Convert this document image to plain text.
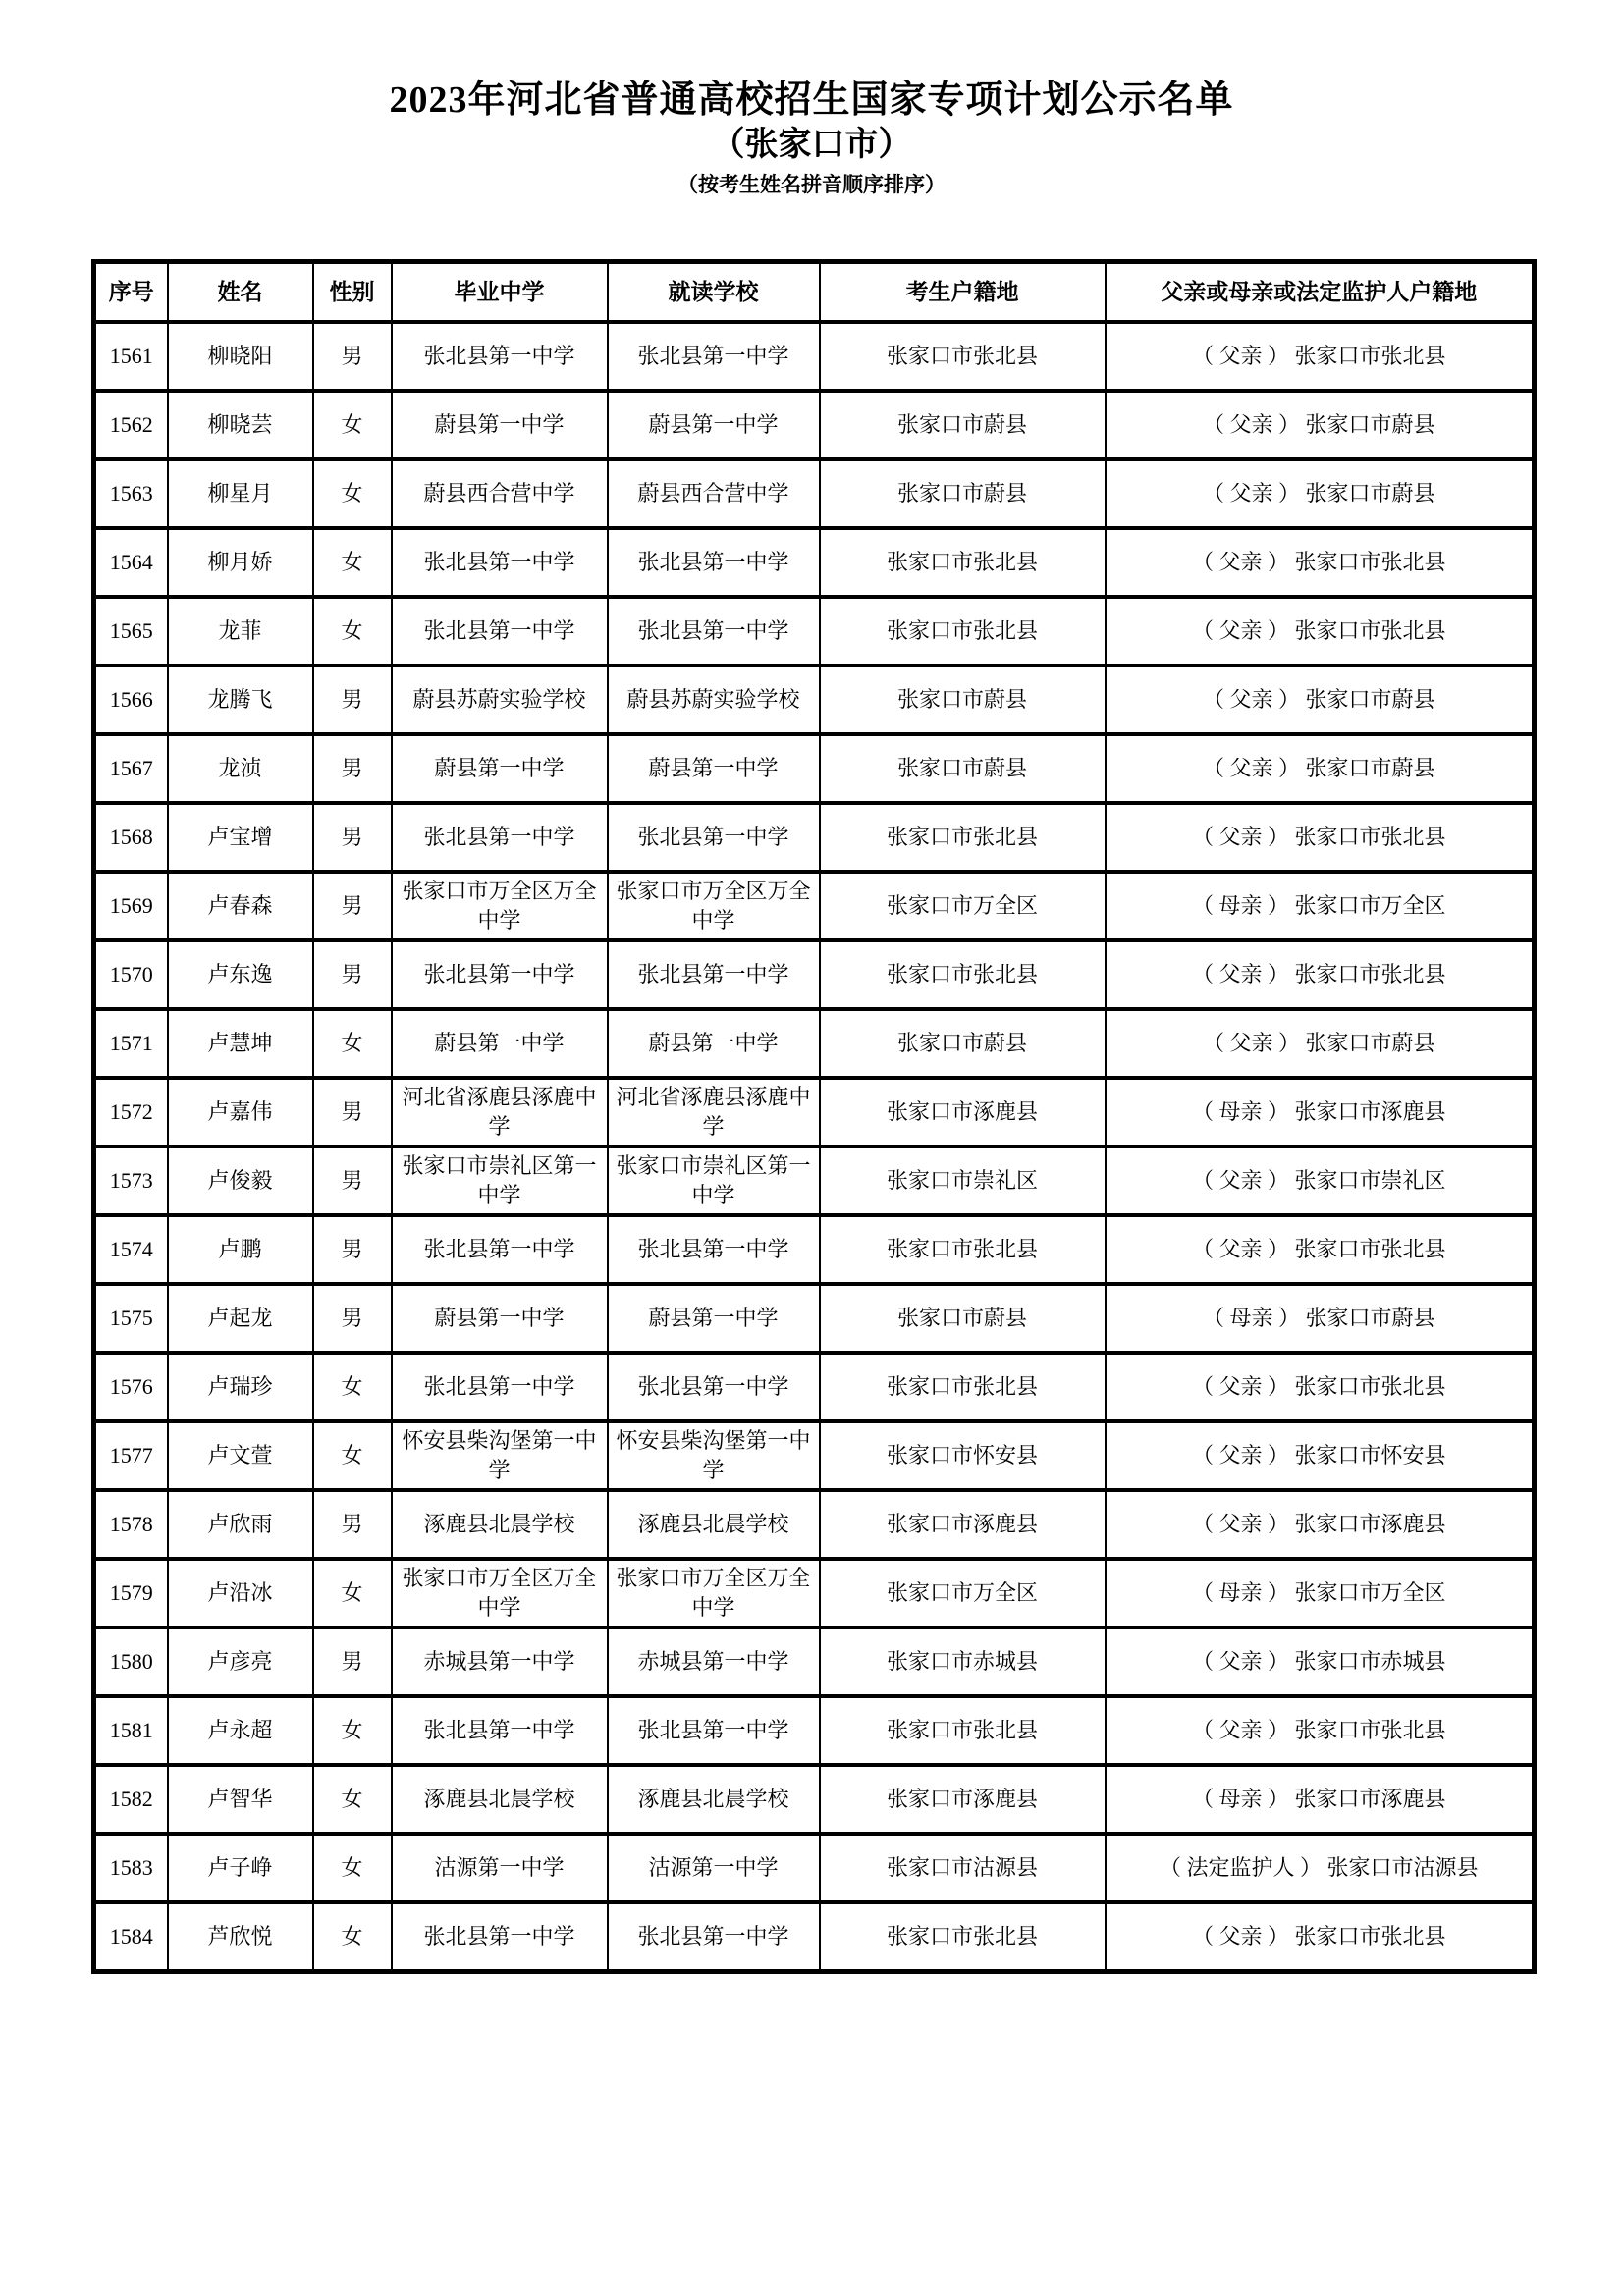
2023年河北省普通高校招生国家专项计划公示名单
（张家口市）
（按考生姓名拼音顺序排序）
序号	姓名	性别	毕业中学	就读学校	考生户籍地	父亲或母亲或法定监护人户籍地
1561	柳晓阳	男	张北县第一中学	张北县第一中学	张家口市张北县	（ 父亲 ） 张家口市张北县
1562	柳晓芸	女	蔚县第一中学	蔚县第一中学	张家口市蔚县	（ 父亲 ） 张家口市蔚县
1563	柳星月	女	蔚县西合营中学	蔚县西合营中学	张家口市蔚县	（ 父亲 ） 张家口市蔚县
1564	柳月娇	女	张北县第一中学	张北县第一中学	张家口市张北县	（ 父亲 ） 张家口市张北县
1565	龙菲	女	张北县第一中学	张北县第一中学	张家口市张北县	（ 父亲 ） 张家口市张北县
1566	龙腾飞	男	蔚县苏蔚实验学校	蔚县苏蔚实验学校	张家口市蔚县	（ 父亲 ） 张家口市蔚县
1567	龙浈	男	蔚县第一中学	蔚县第一中学	张家口市蔚县	（ 父亲 ） 张家口市蔚县
1568	卢宝增	男	张北县第一中学	张北县第一中学	张家口市张北县	（ 父亲 ） 张家口市张北县
1569	卢春森	男	张家口市万全区万全中学	张家口市万全区万全中学	张家口市万全区	（ 母亲 ） 张家口市万全区
1570	卢东逸	男	张北县第一中学	张北县第一中学	张家口市张北县	（ 父亲 ） 张家口市张北县
1571	卢慧坤	女	蔚县第一中学	蔚县第一中学	张家口市蔚县	（ 父亲 ） 张家口市蔚县
1572	卢嘉伟	男	河北省涿鹿县涿鹿中学	河北省涿鹿县涿鹿中学	张家口市涿鹿县	（ 母亲 ） 张家口市涿鹿县
1573	卢俊毅	男	张家口市崇礼区第一中学	张家口市崇礼区第一中学	张家口市崇礼区	（ 父亲 ） 张家口市崇礼区
1574	卢鹏	男	张北县第一中学	张北县第一中学	张家口市张北县	（ 父亲 ） 张家口市张北县
1575	卢起龙	男	蔚县第一中学	蔚县第一中学	张家口市蔚县	（ 母亲 ） 张家口市蔚县
1576	卢瑞珍	女	张北县第一中学	张北县第一中学	张家口市张北县	（ 父亲 ） 张家口市张北县
1577	卢文萱	女	怀安县柴沟堡第一中学	怀安县柴沟堡第一中学	张家口市怀安县	（ 父亲 ） 张家口市怀安县
1578	卢欣雨	男	涿鹿县北晨学校	涿鹿县北晨学校	张家口市涿鹿县	（ 父亲 ） 张家口市涿鹿县
1579	卢沿冰	女	张家口市万全区万全中学	张家口市万全区万全中学	张家口市万全区	（ 母亲 ） 张家口市万全区
1580	卢彦亮	男	赤城县第一中学	赤城县第一中学	张家口市赤城县	（ 父亲 ） 张家口市赤城县
1581	卢永超	女	张北县第一中学	张北县第一中学	张家口市张北县	（ 父亲 ） 张家口市张北县
1582	卢智华	女	涿鹿县北晨学校	涿鹿县北晨学校	张家口市涿鹿县	（ 母亲 ） 张家口市涿鹿县
1583	卢子峥	女	沽源第一中学	沽源第一中学	张家口市沽源县	（ 法定监护人 ） 张家口市沽源县
1584	芦欣悦	女	张北县第一中学	张北县第一中学	张家口市张北县	（ 父亲 ） 张家口市张北县
